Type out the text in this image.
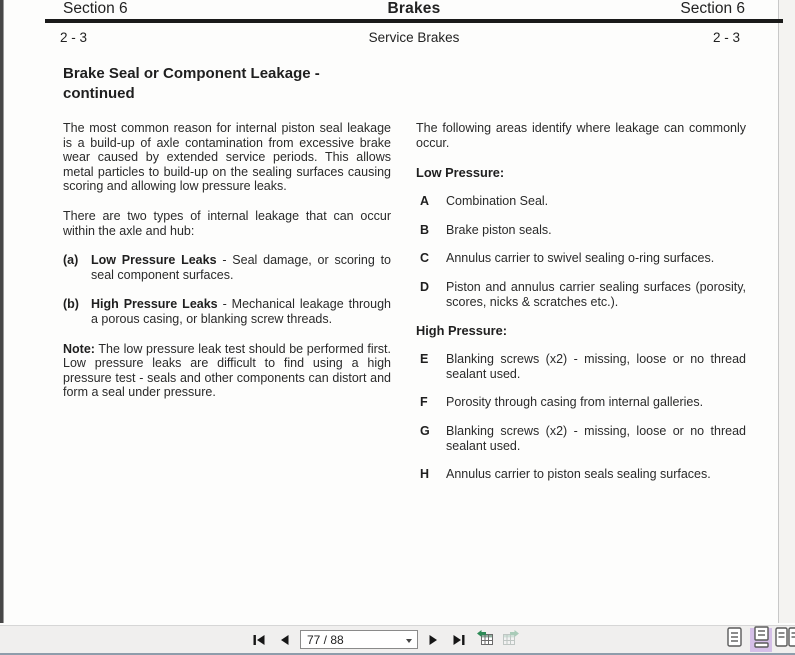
Section 6	Brakes	Section 6
2 - 3	Service Brakes	2 - 3
Brake Seal or Component Leakage - continued

The most common reason for internal piston seal leakage is a build-up of axle contamination from excessive brake wear caused by extended service periods. This allows metal particles to build-up on the sealing surfaces causing scoring and allowing low pressure leaks.

There are two types of internal leakage that can occur within the axle and hub:

(a)	Low Pressure Leaks - Seal damage, or scoring to seal component surfaces.
(b) High Pressure Leaks - Mechanical leakage through a porous casing, or blanking screw threads.

Note: The low pressure leak test should be performed first. Low pressure leaks are difficult to find using a high pressure test - seals and other components can distort and form a seal under pressure.

The following areas identify where leakage can commonly occur.

Low Pressure:
A	Combination Seal.
B	Brake piston seals.
C	Annulus carrier to swivel sealing o-ring surfaces.
D	Piston and annulus carrier sealing surfaces (porosity, scores, nicks & scratches etc.).
High Pressure:
E	Blanking screws (x2) - missing, loose or no thread sealant used.
F	Porosity through casing from internal galleries.
G	Blanking screws (x2) - missing, loose or no thread sealant used.
H	Annulus carrier to piston seals sealing surfaces.
77 / 88
